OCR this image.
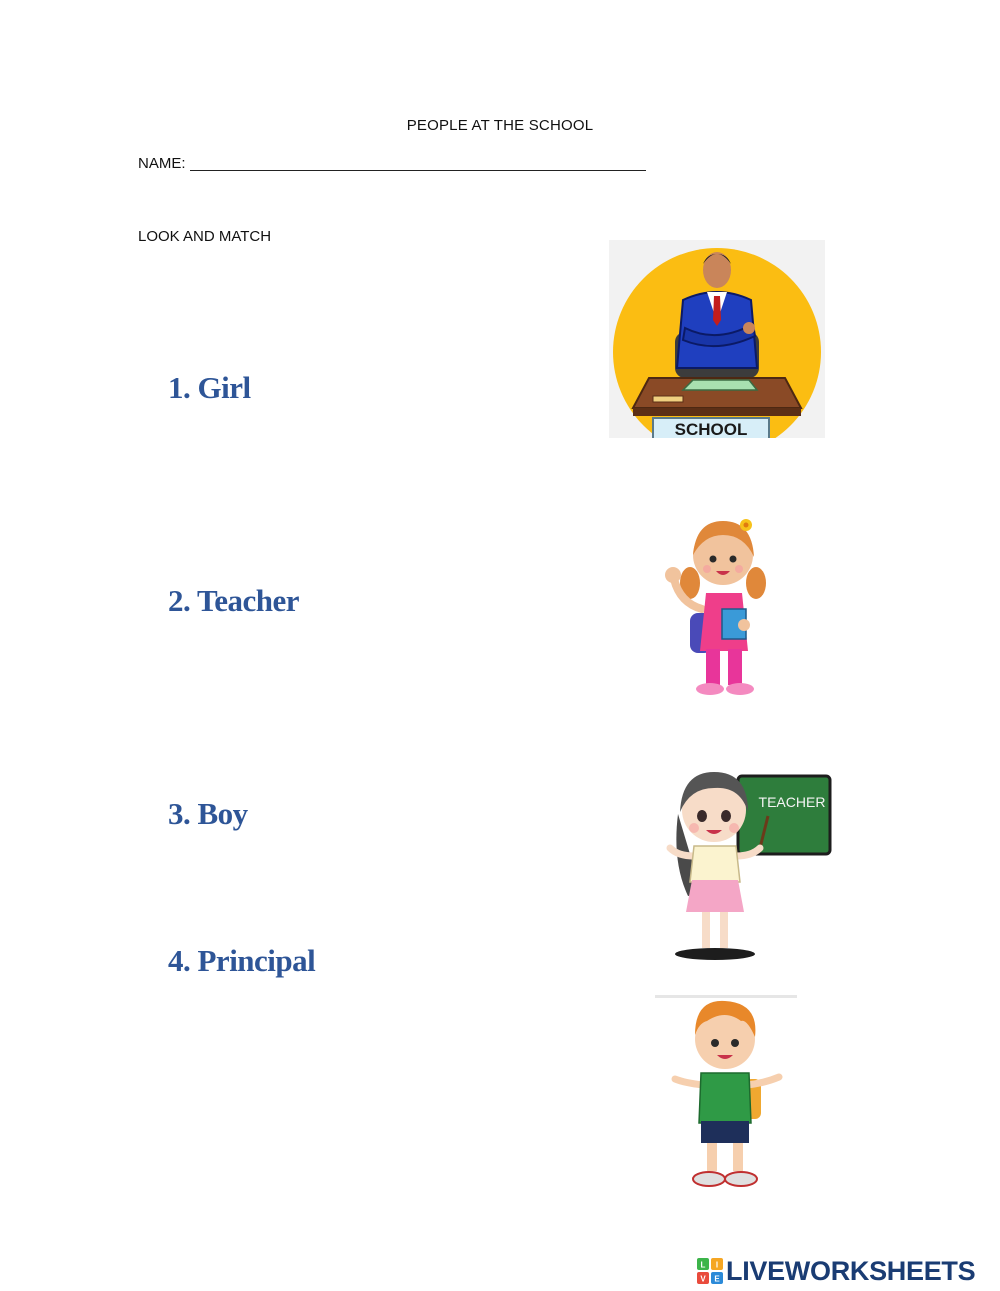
PEOPLE AT THE SCHOOL
NAME:
LOOK AND MATCH
1. Girl
2. Teacher
3. Boy
4. Principal
SCHOOL
TEACHER
L I
V E LIVEWORKSHEETS
